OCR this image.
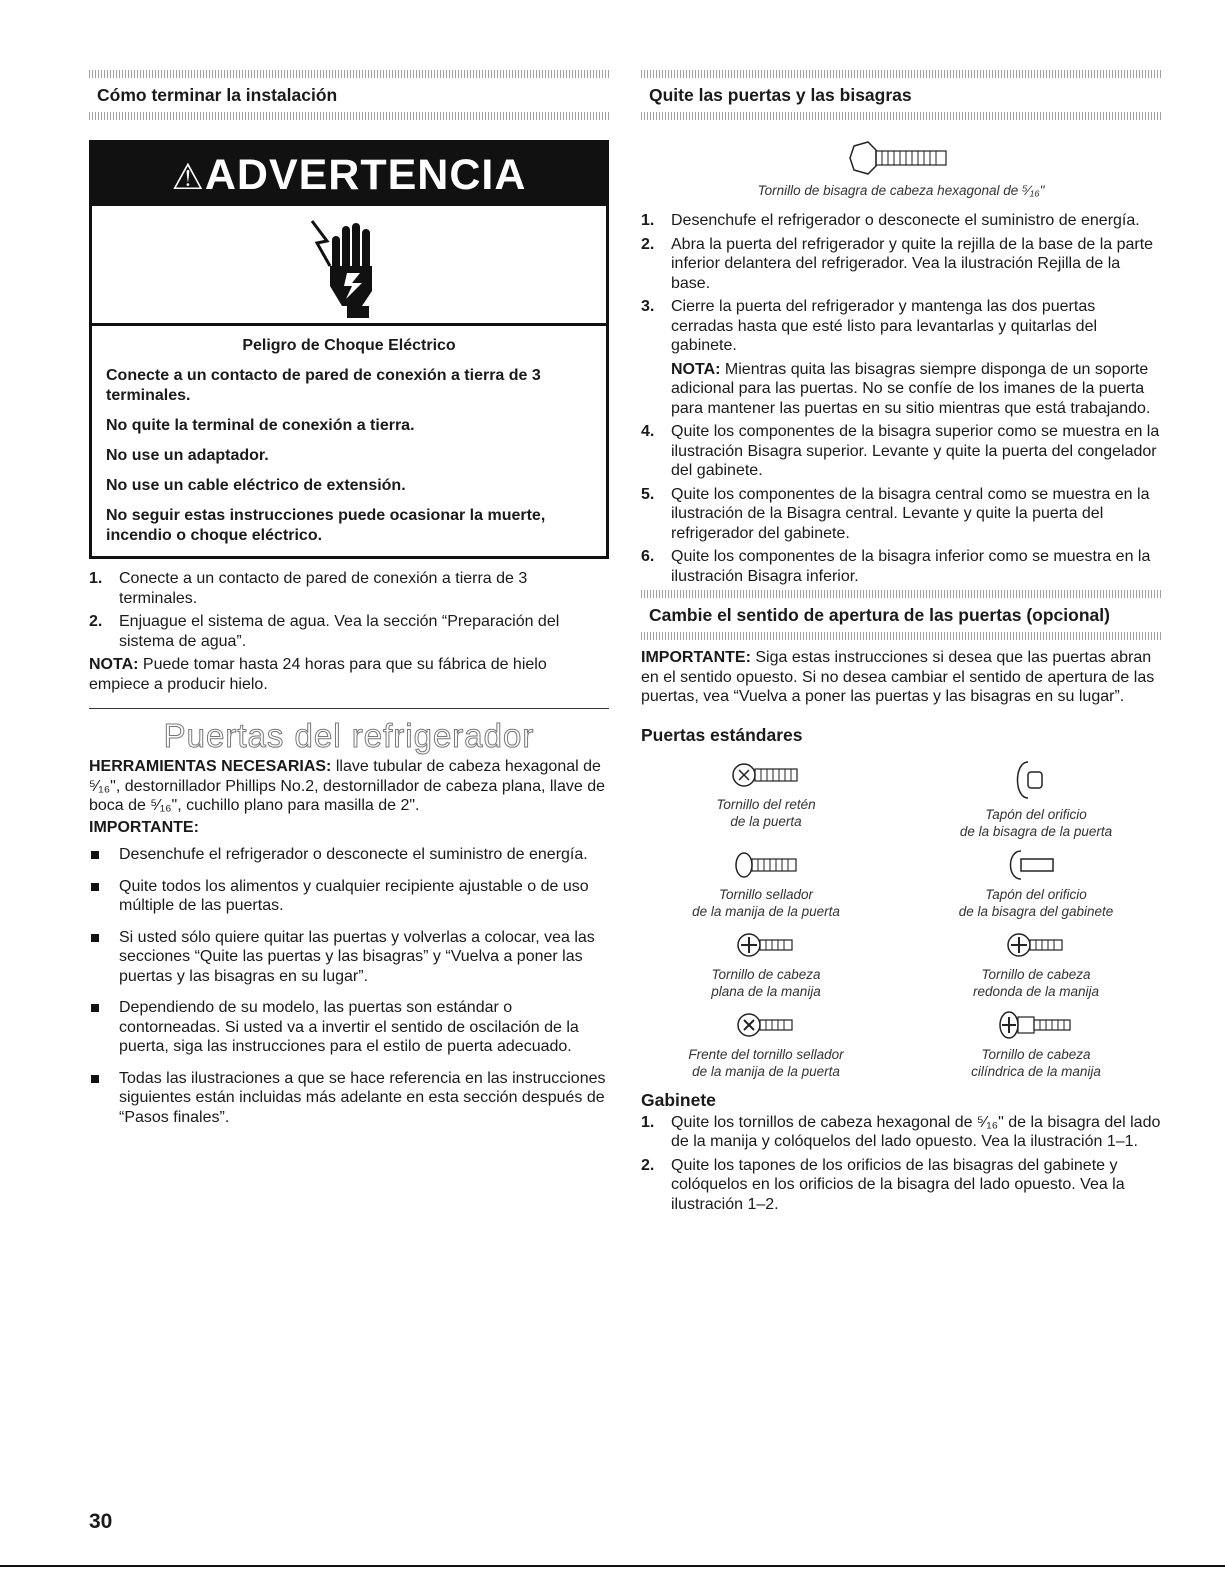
Cómo terminar la instalación
⚠ADVERTENCIA
Peligro de Choque Eléctrico
Conecte a un contacto de pared de conexión a tierra de 3 terminales.
No quite la terminal de conexión a tierra.
No use un adaptador.
No use un cable eléctrico de extensión.
No seguir estas instrucciones puede ocasionar la muerte, incendio o choque eléctrico.
1. Conecte a un contacto de pared de conexión a tierra de 3 terminales.
2. Enjuague el sistema de agua. Vea la sección “Preparación del sistema de agua”.

NOTA: Puede tomar hasta 24 horas para que su fábrica de hielo empiece a producir hielo.

Puertas del refrigerador

HERRAMIENTAS NECESARIAS: llave tubular de cabeza hexagonal de ⁵⁄₁₆", destornillador Phillips No.2, destornillador de cabeza plana, llave de boca de ⁵⁄₁₆", cuchillo plano para masilla de 2".

IMPORTANTE:

Desenchufe el refrigerador o desconecte el suministro de energía.
Quite todos los alimentos y cualquier recipiente ajustable o de uso múltiple de las puertas.
Si usted sólo quiere quitar las puertas y volverlas a colocar, vea las secciones “Quite las puertas y las bisagras” y “Vuelva a poner las puertas y las bisagras en su lugar”.
Dependiendo de su modelo, las puertas son estándar o contorneadas. Si usted va a invertir el sentido de oscilación de la puerta, siga las instrucciones para el estilo de puerta adecuado.
Todas las ilustraciones a que se hace referencia en las instrucciones siguientes están incluidas más adelante en esta sección después de “Pasos finales”.
Quite las puertas y las bisagras
Tornillo de bisagra de cabeza hexagonal de ⁵⁄₁₆"
1. Desenchufe el refrigerador o desconecte el suministro de energía.
2. Abra la puerta del refrigerador y quite la rejilla de la base de la parte inferior delantera del refrigerador. Vea la ilustración Rejilla de la base.
3. Cierre la puerta del refrigerador y mantenga las dos puertas cerradas hasta que esté listo para levantarlas y quitarlas del gabinete.
NOTA: Mientras quita las bisagras siempre disponga de un soporte adicional para las puertas. No se confíe de los imanes de la puerta para mantener las puertas en su sitio mientras que está trabajando.
4. Quite los componentes de la bisagra superior como se muestra en la ilustración Bisagra superior. Levante y quite la puerta del congelador del gabinete.
5. Quite los componentes de la bisagra central como se muestra en la ilustración de la Bisagra central. Levante y quite la puerta del refrigerador del gabinete.
6. Quite los componentes de la bisagra inferior como se muestra en la ilustración Bisagra inferior.
Cambie el sentido de apertura de las puertas (opcional)

IMPORTANTE: Siga estas instrucciones si desea que las puertas abran en el sentido opuesto. Si no desea cambiar el sentido de apertura de las puertas, vea “Vuelva a poner las puertas y las bisagras en su lugar”.

Puertas estándares
Tornillo del retén
de la puerta	Tapón del orificio
de la bisagra de la puerta
Tornillo sellador
de la manija de la puerta
Tapón del orificio
de la bisagra del gabinete
Tornillo de cabeza
plana de la manija
Tornillo de cabeza
redonda de la manija
Frente del tornillo sellador
de la manija de la puerta
Tornillo de cabeza
cilíndrica de la manija
Gabinete
1. Quite los tornillos de cabeza hexagonal de ⁵⁄₁₆" de la bisagra del lado de la manija y colóquelos del lado opuesto. Vea la ilustración 1–1.
2. Quite los tapones de los orificios de las bisagras del gabinete y colóquelos en los orificios de la bisagra del lado opuesto. Vea la ilustración 1–2.
30
